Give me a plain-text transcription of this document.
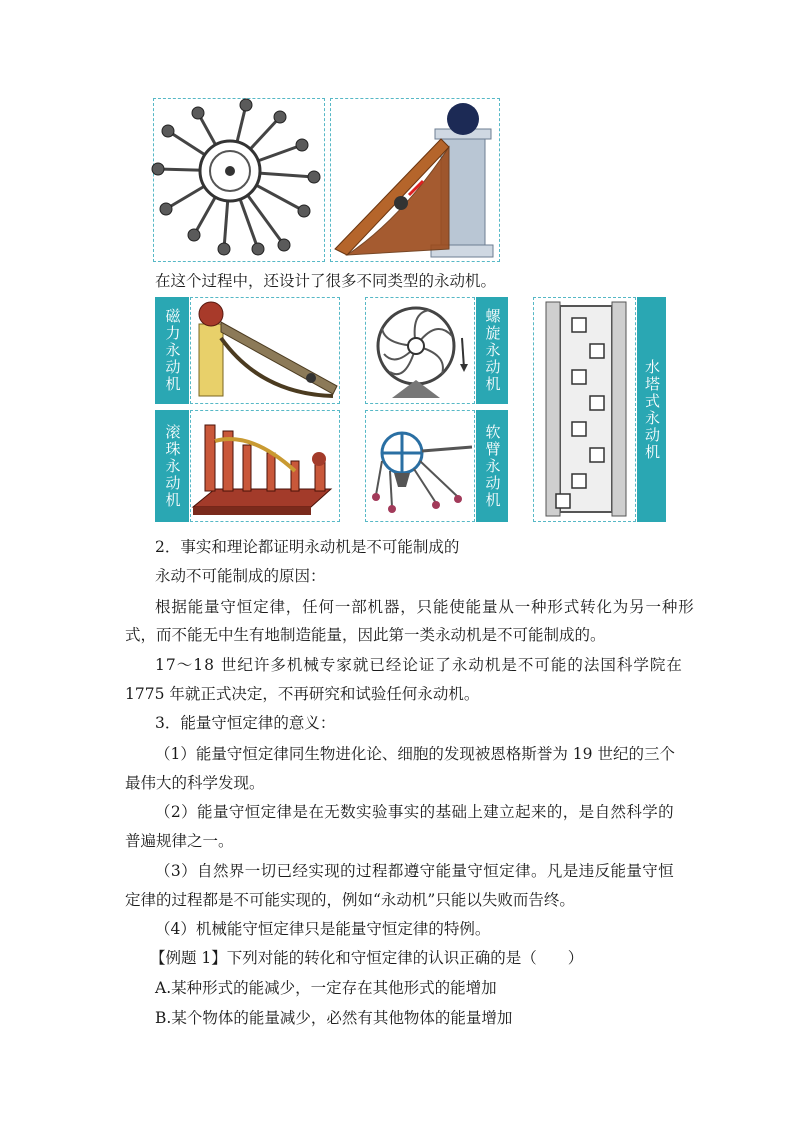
在这个过程中，还设计了很多不同类型的永动机。
磁力永动机	螺旋永动机
水塔式永动机
滚珠永动机	软臂永动机
2．事实和理论都证明永动机是不可能制成的
永动不可能制成的原因：
根据能量守恒定律，任何一部机器，只能使能量从一种形式转化为另一种形
式，而不能无中生有地制造能量，因此第一类永动机是不可能制成的。
17～18 世纪许多机械专家就已经论证了永动机是不可能的法国科学院在
1775 年就正式决定，不再研究和试验任何永动机。
3．能量守恒定律的意义：
（1）能量守恒定律同生物进化论、细胞的发现被恩格斯誉为 19 世纪的三个
最伟大的科学发现。
（2）能量守恒定律是在无数实验事实的基础上建立起来的，是自然科学的
普遍规律之一。
（3）自然界一切已经实现的过程都遵守能量守恒定律。凡是违反能量守恒
定律的过程都是不可能实现的，例如“永动机”只能以失败而告终。
（4）机械能守恒定律只是能量守恒定律的特例。
【例题 1】下列对能的转化和守恒定律的认识正确的是（　　）
A.某种形式的能减少，一定存在其他形式的能增加
B.某个物体的能量减少，必然有其他物体的能量增加
